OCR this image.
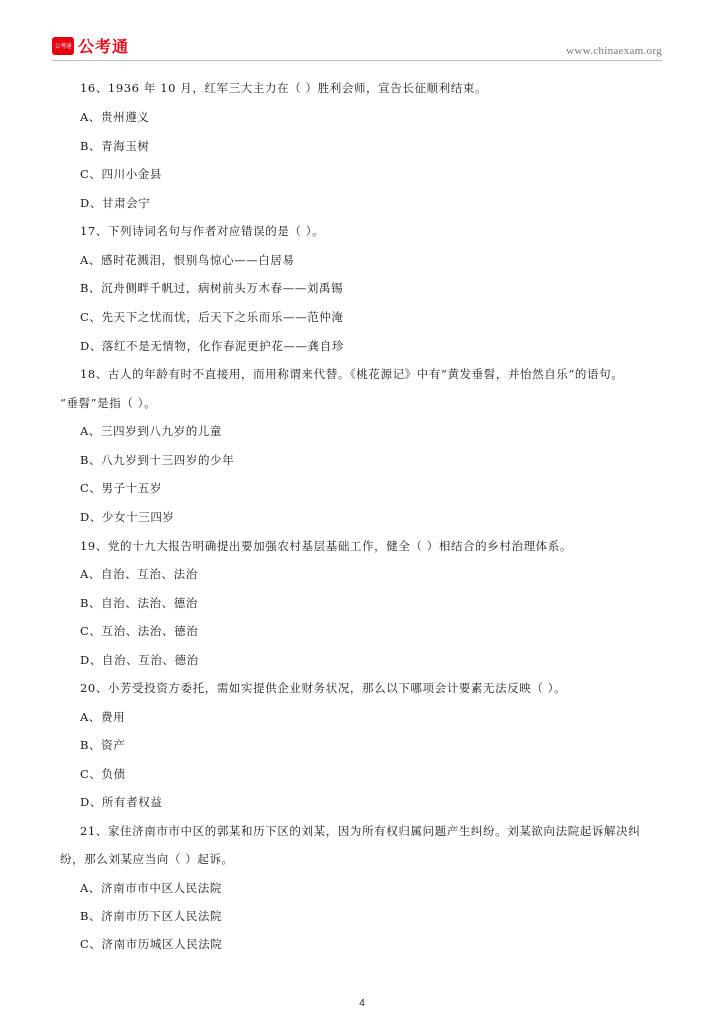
公考通 公考通	www.chinaexam.org
16、1936 年 10 月，红军三大主力在（ ）胜利会师，宣告长征顺利结束。
A、贵州遵义
B、青海玉树
C、四川小金县
D、甘肃会宁
17、下列诗词名句与作者对应错误的是（ ）。
A、感时花溅泪，恨别鸟惊心——白居易
B、沉舟侧畔千帆过，病树前头万木春——刘禹锡
C、先天下之忧而忧，后天下之乐而乐——范仲淹
D、落红不是无情物，化作春泥更护花——龚自珍
18、古人的年龄有时不直接用，而用称谓来代替。《桃花源记》中有“黄发垂髫，并怡然自乐”的语句。
“垂髫”是指（ ）。
A、三四岁到八九岁的儿童
B、八九岁到十三四岁的少年
C、男子十五岁
D、少女十三四岁
19、党的十九大报告明确提出要加强农村基层基础工作，健全（ ）相结合的乡村治理体系。
A、自治、互治、法治
B、自治、法治、德治
C、互治、法治、德治
D、自治、互治、德治
20、小芳受投资方委托，需如实提供企业财务状况，那么以下哪项会计要素无法反映（ ）。
A、费用
B、资产
C、负债
D、所有者权益
21、家住济南市市中区的郭某和历下区的刘某，因为所有权归属问题产生纠纷。刘某欲向法院起诉解决纠
纷，那么刘某应当向（ ）起诉。
A、济南市市中区人民法院
B、济南市历下区人民法院
C、济南市历城区人民法院
4
